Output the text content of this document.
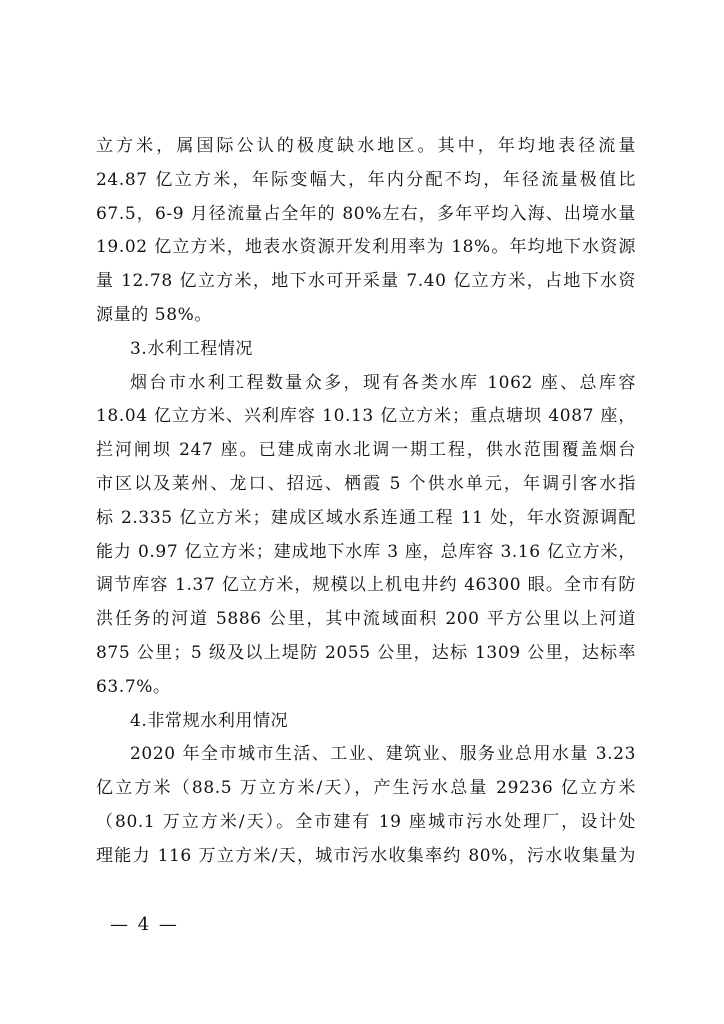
立方米，属国际公认的极度缺水地区。其中，年均地表径流量
24.87 亿立方米，年际变幅大，年内分配不均，年径流量极值比
67.5，6-9 月径流量占全年的 80%左右，多年平均入海、出境水量
19.02 亿立方米，地表水资源开发利用率为 18%。年均地下水资源
量 12.78 亿立方米，地下水可开采量 7.40 亿立方米，占地下水资
源量的 58%。
3.水利工程情况
烟台市水利工程数量众多，现有各类水库 1062 座、总库容
18.04 亿立方米、兴利库容 10.13 亿立方米；重点塘坝 4087 座，
拦河闸坝 247 座。已建成南水北调一期工程，供水范围覆盖烟台
市区以及莱州、龙口、招远、栖霞 5 个供水单元，年调引客水指
标 2.335 亿立方米；建成区域水系连通工程 11 处，年水资源调配
能力 0.97 亿立方米；建成地下水库 3 座，总库容 3.16 亿立方米，
调节库容 1.37 亿立方米，规模以上机电井约 46300 眼。全市有防
洪任务的河道 5886 公里，其中流域面积 200 平方公里以上河道
875 公里；5 级及以上堤防 2055 公里，达标 1309 公里，达标率
63.7%。
4.非常规水利用情况
2020 年全市城市生活、工业、建筑业、服务业总用水量 3.23
亿立方米（88.5 万立方米/天），产生污水总量 29236 亿立方米
（80.1 万立方米/天）。全市建有 19 座城市污水处理厂，设计处
理能力 116 万立方米/天，城市污水收集率约 80%，污水收集量为
— 4 —
